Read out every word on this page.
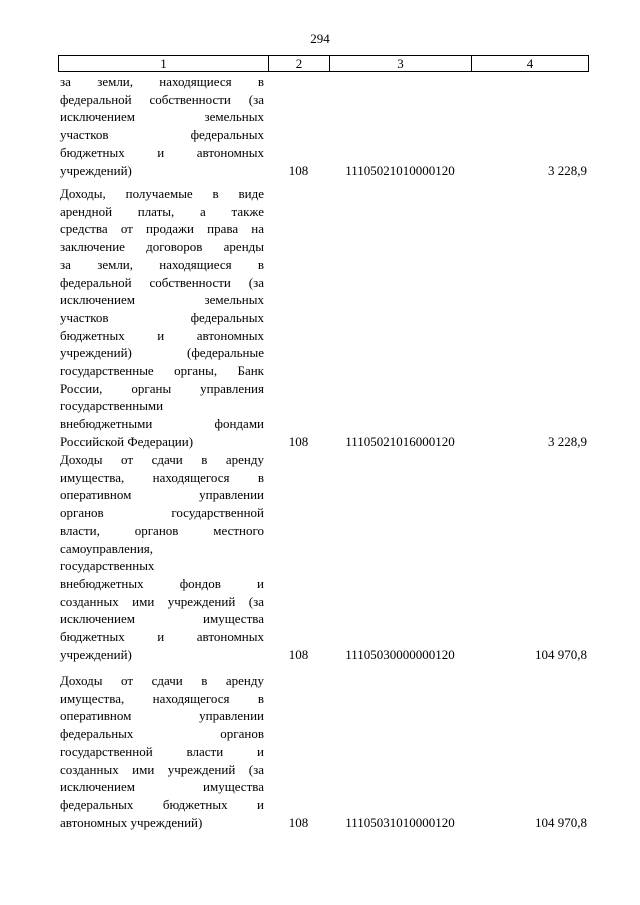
294
1	2	3	4
за земли, находящиеся в
федеральной собственности (за
исключением земельных
участков федеральных
бюджетных и автономных
учреждений)	108	11105021010000120	3 228,9
Доходы, получаемые в виде
арендной платы, а также
средства от продажи права на
заключение договоров аренды
за земли, находящиеся в
федеральной собственности (за
исключением земельных
участков федеральных
бюджетных и автономных
учреждений) (федеральные
государственные органы, Банк
России, органы управления
государственными
внебюджетными фондами
Российской Федерации)	108	11105021016000120	3 228,9
Доходы от сдачи в аренду
имущества, находящегося в
оперативном управлении
органов государственной
власти, органов местного
самоуправления,
государственных
внебюджетных фондов и
созданных ими учреждений (за
исключением имущества
бюджетных и автономных
учреждений)	108	11105030000000120	104 970,8
Доходы от сдачи в аренду
имущества, находящегося в
оперативном управлении
федеральных органов
государственной власти и
созданных ими учреждений (за
исключением имущества
федеральных бюджетных и
автономных учреждений)	108	11105031010000120	104 970,8
